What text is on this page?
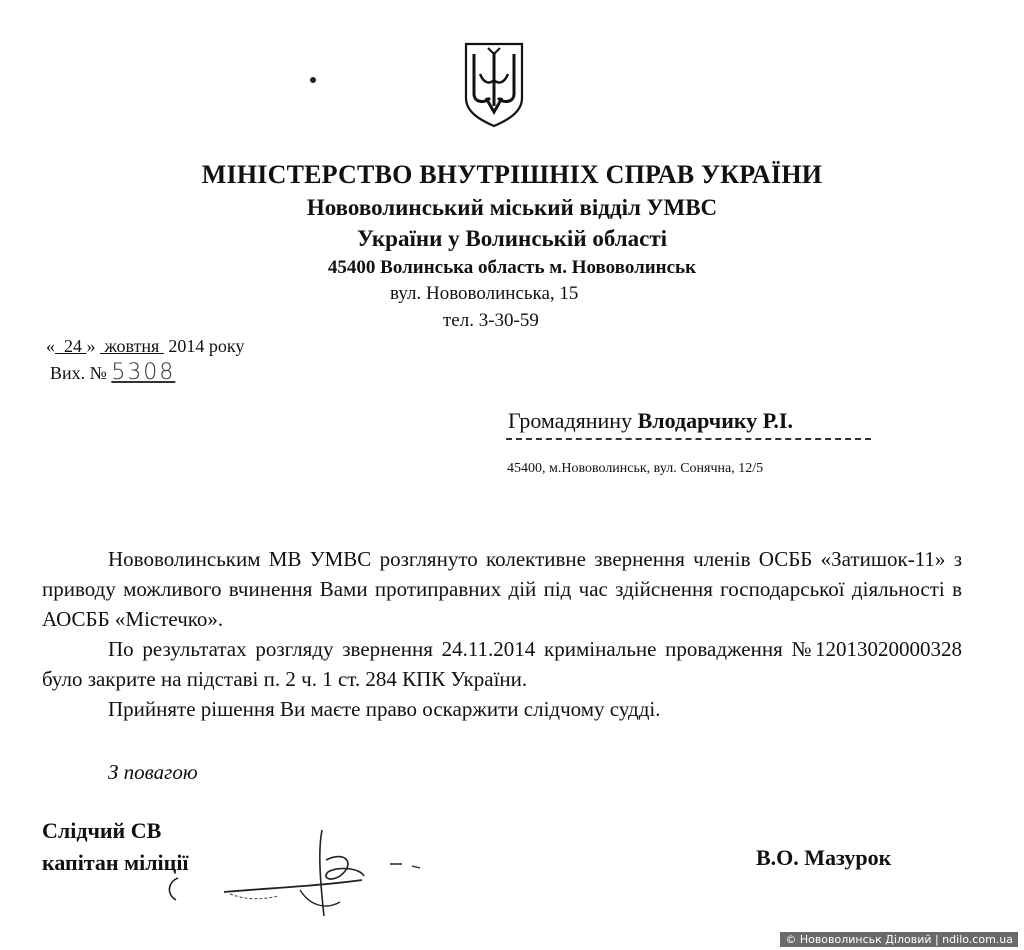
МІНІСТЕРСТВО ВНУТРІШНІХ СПРАВ УКРАЇНИ
Нововолинський міський відділ УМВС
України у Волинській області
45400 Волинська область м. Нововолинськ
вул. Нововолинська, 15
тел. 3-30-59
« 24 » жовтня 2014 року
Вих. № 5308
Громадянину Влодарчику Р.І.
45400, м.Нововолинськ, вул. Сонячна, 12/5

Нововолинським МВ УМВС розглянуто колективне звернення членів ОСББ «Затишок-11» з приводу можливого вчинення Вами протиправних дій під час здійснення господарської діяльності в АОСББ «Містечко».

По результатах розгляду звернення 24.11.2014 кримінальне провадження №12013020000328 було закрите на підставі п. 2 ч. 1 ст. 284 КПК України.

Прийняте рішення Ви маєте право оскаржити слідчому судді.

З повагою
Слідчий СВ
капітан міліції	В.О. Мазурок
© Нововолинськ Діловий | ndilo.com.ua
